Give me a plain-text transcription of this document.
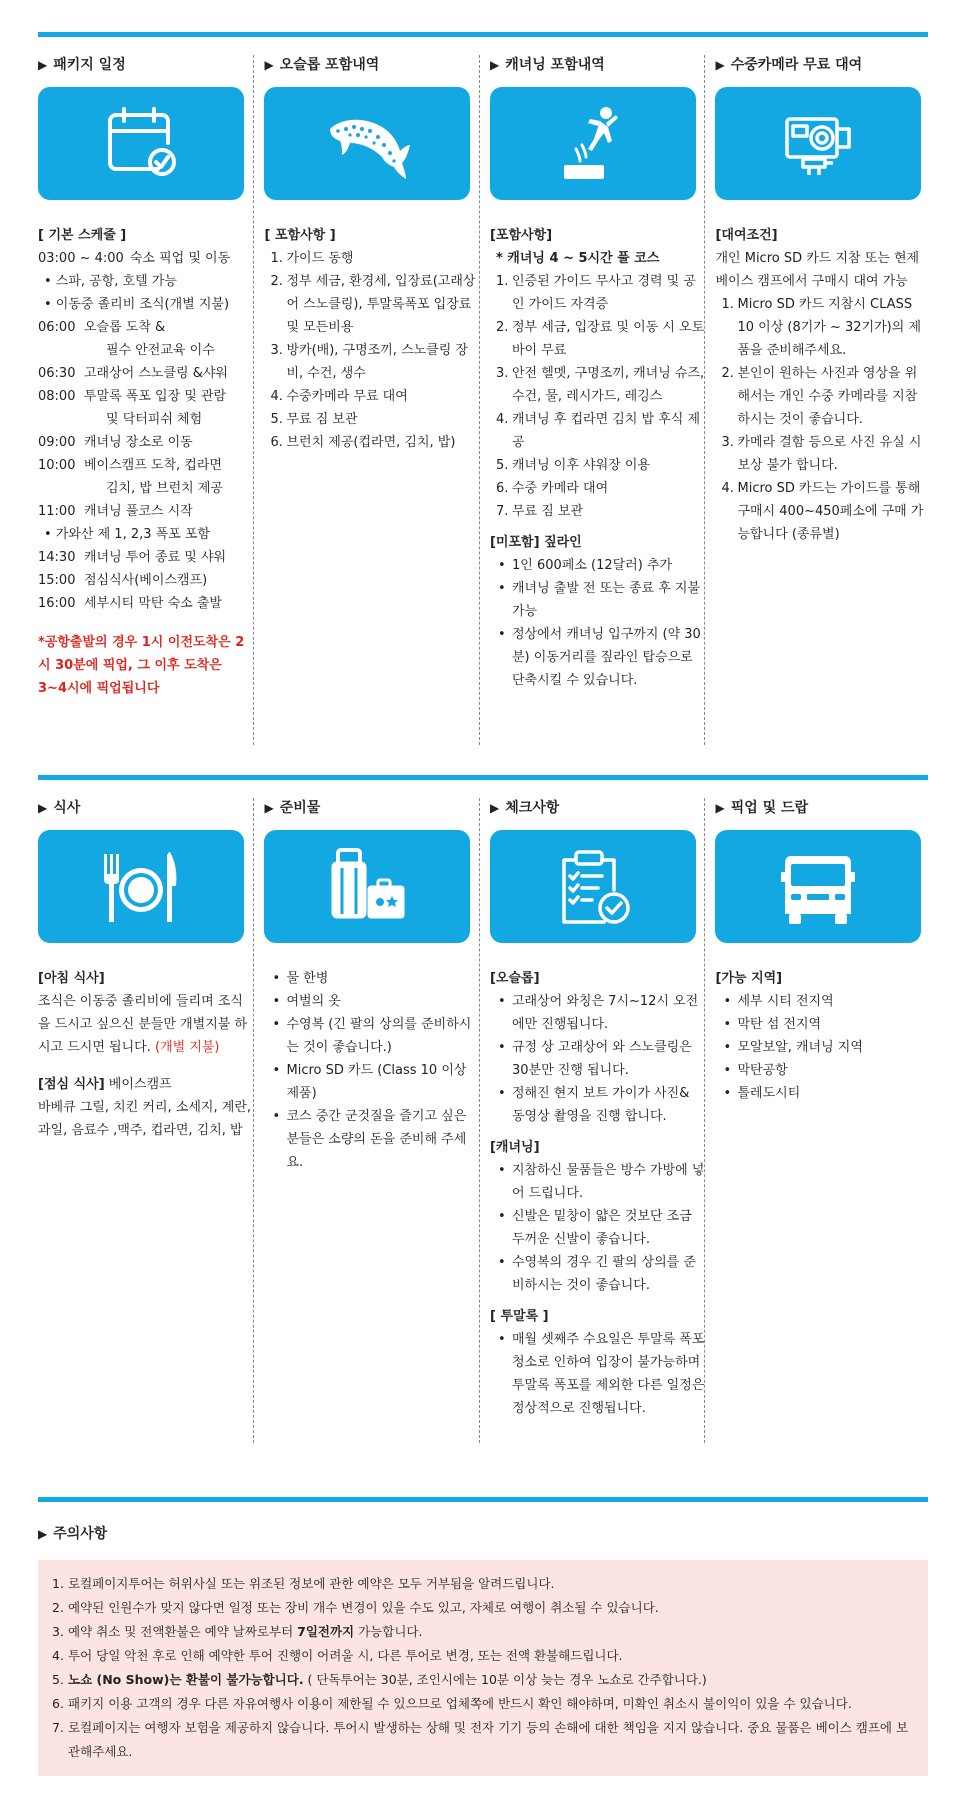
▶ 패키지 일정
[ 기본 스케줄 ]
03:00 ~ 4:00 숙소 픽업 및 이동
• 스파, 공항, 호텔 가능
• 이동중 졸리비 조식(개별 지불)
06:00 오슬롭 도착 &
필수 안전교육 이수
06:30 고래상어 스노클링 &샤워
08:00 투말록 폭포 입장 및 관람
및 닥터피쉬 체험
09:00 캐녀닝 장소로 이동
10:00 베이스캠프 도착, 컵라면
김치, 밥 브런치 제공
11:00 캐녀닝 풀코스 시작
• 가와산 제 1, 2,3 폭포 포함
14:30 캐녀닝 투어 종료 및 샤워
15:00 점심식사(베이스캠프)
16:00 세부시티 막탄 숙소 출발
*공항출발의 경우 1시 이전도착은 2시 30분에 픽업, 그 이후 도착은 3~4시에 픽업됩니다
▶ 오슬롭 포함내역
[ 포함사항 ]
1. 가이드 동행
2. 정부 세금, 환경세, 입장료(고래상어 스노클링), 투말록폭포 입장료 및 모든비용
3. 방카(배), 구명조끼, 스노클링 장비, 수건, 생수
4. 수중카메라 무료 대여
5. 무료 짐 보관
6. 브런치 제공(컵라면, 김치, 밥)
▶ 캐녀닝 포함내역
[포함사항]
* 캐녀닝 4 ~ 5시간 풀 코스
1. 인증된 가이드 무사고 경력 및 공인 가이드 자격증
2. 정부 세금, 입장료 및 이동 시 오토바이 무료
3. 안전 헬멧, 구명조끼, 캐녀닝 슈즈, 수건, 물, 레시가드, 레깅스
4. 캐녀닝 후 컵라면 김치 밥 후식 제공
5. 캐녀닝 이후 샤워장 이용
6. 수중 카메라 대여
7. 무료 짐 보관
[미포함] 짚라인
• 1인 600페소 (12달러) 추가
• 캐녀닝 출발 전 또는 종료 후 지불가능
• 정상에서 캐녀닝 입구까지 (약 30분) 이동거리를 짚라인 탑승으로 단축시킬 수 있습니다.
▶ 수중카메라 무료 대여
[대여조건]
개인 Micro SD 카드 지참 또는 현제 베이스 캠프에서 구매시 대여 가능
1. Micro SD 카드 지참시 CLASS 10 이상 (8기가 ~ 32기가)의 제품을 준비해주세요.
2. 본인이 원하는 사진과 영상을 위해서는 개인 수중 카메라를 지참하시는 것이 좋습니다.
3. 카메라 결함 등으로 사진 유실 시 보상 불가 합니다.
4. Micro SD 카드는 가이드를 통해 구매시 400~450페소에 구매 가능합니다 (종류별)
▶ 식사
[아침 식사]
조식은 이동중 졸리비에 들리며 조식을 드시고 싶으신 분들만 개별지불 하시고 드시면 됩니다. (개별 지불)
[점심 식사] 베이스캠프
바베큐 그릴, 치킨 커리, 소세지, 계란, 과일, 음료수 ,맥주, 컵라면, 김치, 밥
▶ 준비물
• 물 한병
• 여벌의 옷
• 수영복 (긴 팔의 상의를 준비하시는 것이 좋습니다.)
• Micro SD 카드 (Class 10 이상 제품)
• 코스 중간 군것질을 즐기고 싶은 분들은 소량의 돈을 준비해 주세요.
▶ 체크사항
[오슬롭]
• 고래상어 와칭은 7시~12시 오전에만 진행됩니다.
• 규정 상 고래상어 와 스노클링은 30분만 진행 됩니다.
• 정해진 현지 보트 가이가 사진& 동영상 촬영을 진행 합니다.
[캐녀닝]
• 지참하신 물품들은 방수 가방에 넣어 드립니다.
• 신발은 밑창이 얇은 것보단 조금 두꺼운 신발이 좋습니다.
• 수영복의 경우 긴 팔의 상의를 준비하시는 것이 좋습니다.
[ 투말록 ]
• 매월 셋째주 수요일은 투말록 폭포 청소로 인하여 입장이 불가능하며 투말록 폭포를 제외한 다른 일정은 정상적으로 진행됩니다.
▶ 픽업 및 드랍
[가능 지역]
• 세부 시티 전지역
• 막탄 섬 전지역
• 모알보알, 캐녀닝 지역
• 막탄공항
• 톨레도시티
▶ 주의사항
1. 로컬페이지투어는 허위사실 또는 위조된 정보에 관한 예약은 모두 거부됨을 알려드립니다.
2. 예약된 인원수가 맞지 않다면 일정 또는 장비 개수 변경이 있을 수도 있고, 자체로 여행이 취소될 수 있습니다.
3. 예약 취소 및 전액환불은 예약 날짜로부터 7일전까지 가능합니다.
4. 투어 당일 악천 후로 인해 예약한 투어 진행이 어려울 시, 다른 투어로 변경, 또는 전액 환불해드립니다.
5. 노쇼 (No Show)는 환불이 불가능합니다. ( 단독투어는 30분, 조인시에는 10분 이상 늦는 경우 노쇼로 간주합니다.)
6. 패키지 이용 고객의 경우 다른 자유여행사 이용이 제한될 수 있으므로 업체쪽에 반드시 확인 해야하며, 미확인 취소시 불이익이 있을 수 있습니다.
7. 로컬페이지는 여행자 보험을 제공하지 않습니다. 투어시 발생하는 상해 및 전자 기기 등의 손해에 대한 책임을 지지 않습니다. 중요 물품은 베이스 캠프에 보관해주세요.
